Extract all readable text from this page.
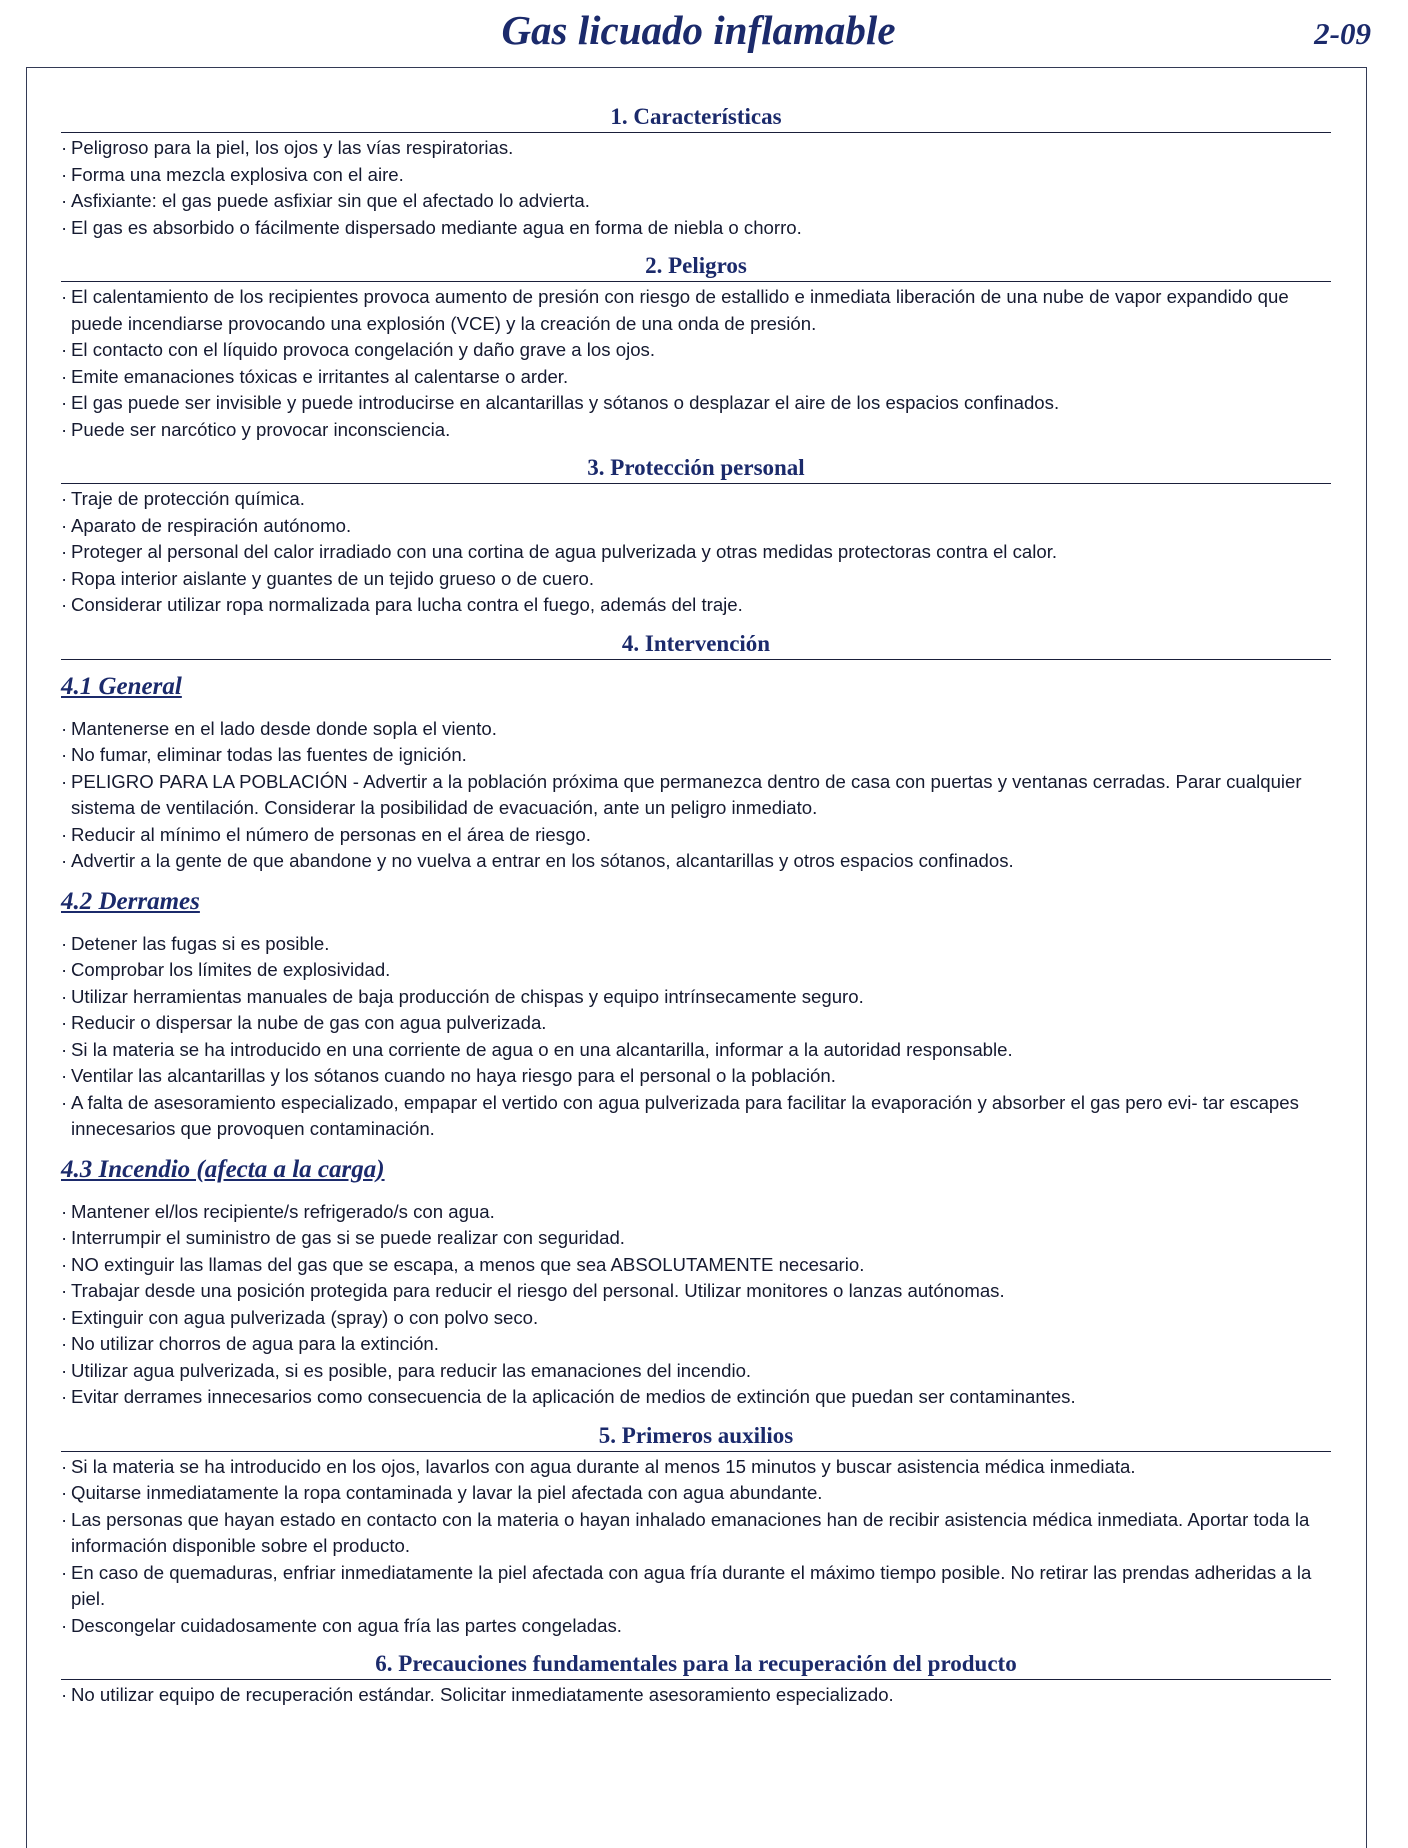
Gas licuado inflamable	2-09
1. Características
· Peligroso para la piel, los ojos y las vías respiratorias.
· Forma una mezcla explosiva con el aire.
· Asfixiante: el gas puede asfixiar sin que el afectado lo advierta.
· El gas es absorbido o fácilmente dispersado mediante agua en forma de niebla o chorro.
2. Peligros
· El calentamiento de los recipientes provoca aumento de presión con riesgo de estallido e inmediata liberación de una nube de vapor expandido que puede incendiarse provocando una explosión (VCE) y la creación de una onda de presión.
· El contacto con el líquido provoca congelación y daño grave a los ojos.
· Emite emanaciones tóxicas e irritantes al calentarse o arder.
· El gas puede ser invisible y puede introducirse en alcantarillas y sótanos o desplazar el aire de los espacios confinados.
· Puede ser narcótico y provocar inconsciencia.
3. Protección personal
· Traje de protección química.
· Aparato de respiración autónomo.
· Proteger al personal del calor irradiado con una cortina de agua pulverizada y otras medidas protectoras contra el calor.
· Ropa interior aislante y guantes de un tejido grueso o de cuero.
· Considerar utilizar ropa normalizada para lucha contra el fuego, además del traje.
4. Intervención
4.1 General
· Mantenerse en el lado desde donde sopla el viento.
· No fumar, eliminar todas las fuentes de ignición.
· PELIGRO PARA LA POBLACIÓN - Advertir a la población próxima que permanezca dentro de casa con puertas y ventanas cerradas. Parar cualquier sistema de ventilación. Considerar la posibilidad de evacuación, ante un peligro inmediato.
· Reducir al mínimo el número de personas en el área de riesgo.
· Advertir a la gente de que abandone y no vuelva a entrar en los sótanos, alcantarillas y otros espacios confinados.
4.2 Derrames
· Detener las fugas si es posible.
· Comprobar los límites de explosividad.
· Utilizar herramientas manuales de baja producción de chispas y equipo intrínsecamente seguro.
· Reducir o dispersar la nube de gas con agua pulverizada.
· Si la materia se ha introducido en una corriente de agua o en una alcantarilla, informar a la autoridad responsable.
· Ventilar las alcantarillas y los sótanos cuando no haya riesgo para el personal o la población.
· A falta de asesoramiento especializado, empapar el vertido con agua pulverizada para facilitar la evaporación y absorber el gas pero evi- tar escapes innecesarios que provoquen contaminación.
4.3 Incendio (afecta a la carga)
· Mantener el/los recipiente/s refrigerado/s con agua.
· Interrumpir el suministro de gas si se puede realizar con seguridad.
· NO extinguir las llamas del gas que se escapa, a menos que sea ABSOLUTAMENTE necesario.
· Trabajar desde una posición protegida para reducir el riesgo del personal. Utilizar monitores o lanzas autónomas.
· Extinguir con agua pulverizada (spray) o con polvo seco.
· No utilizar chorros de agua para la extinción.
· Utilizar agua pulverizada, si es posible, para reducir las emanaciones del incendio.
· Evitar derrames innecesarios como consecuencia de la aplicación de medios de extinción que puedan ser contaminantes.
5. Primeros auxilios
· Si la materia se ha introducido en los ojos, lavarlos con agua durante al menos 15 minutos y buscar asistencia médica inmediata.
· Quitarse inmediatamente la ropa contaminada y lavar la piel afectada con agua abundante.
· Las personas que hayan estado en contacto con la materia o hayan inhalado emanaciones han de recibir asistencia médica inmediata. Aportar toda la información disponible sobre el producto.
· En caso de quemaduras, enfriar inmediatamente la piel afectada con agua fría durante el máximo tiempo posible. No retirar las prendas adheridas a la piel.
· Descongelar cuidadosamente con agua fría las partes congeladas.
6. Precauciones fundamentales para la recuperación del producto
· No utilizar equipo de recuperación estándar. Solicitar inmediatamente asesoramiento especializado.
